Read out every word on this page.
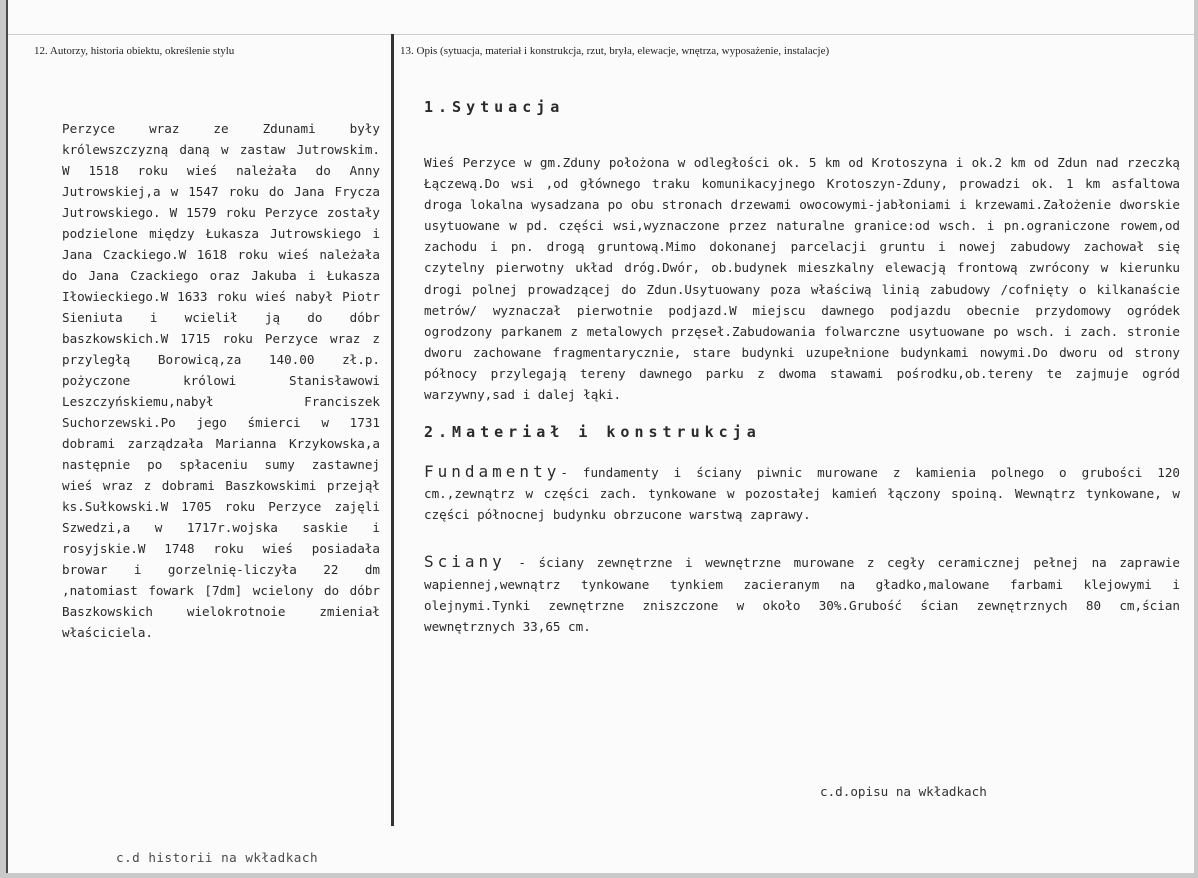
12. Autorzy, historia obiektu, określenie stylu	13. Opis (sytuacja, materiał i konstrukcja, rzut, bryła, elewacje, wnętrza, wyposażenie, instalacje)
Perzyce wraz ze Zdunami były królewszczyzną daną w zastaw Jutrowskim. W 1518 roku wieś należała do Anny Jutrowskiej,a w 1547 roku do Jana Frycza Jutrowskiego. W 1579 roku Perzyce zostały podzielone między Łukasza Jutrowskiego i Jana Czackiego.W 1618 roku wieś należała do Jana Czackiego oraz Jakuba i Łukasza Iłowieckiego.W 1633 roku wieś nabył Piotr Sieniuta i wcielił ją do dóbr baszkowskich.W 1715 roku Perzyce wraz z przyległą Borowicą,za 140.00 zł.p. pożyczone królowi Stanisławowi Leszczyńskiemu,nabył Franciszek Suchorzewski.Po jego śmierci w 1731 dobrami zarządzała Marianna Krzykowska,a następnie po spłaceniu sumy zastawnej wieś wraz z dobrami Baszkowskimi przejął ks.Sułkowski.W 1705 roku Perzyce zajęli Szwedzi,a w 1717r.wojska saskie i rosyjskie.W 1748 roku wieś posiadała browar i gorzelnię-liczyła 22 dm ,natomiast fowark [7dm] wcielony do dóbr Baszkowskich wielokrotnoie zmieniał właściciela.
c.d historii na wkładkach
1.Sytuacja

Wieś Perzyce w gm.Zduny położona w odległości ok. 5 km od Krotoszyna i ok.2 km od Zdun nad rzeczką Łączewą.Do wsi ,od głównego traku komunikacyjnego Krotoszyn-Zduny, prowadzi ok. 1 km asfaltowa droga lokalna wysadzana po obu stronach drzewami owocowymi-jabłoniami i krzewami.Założenie dworskie usytuowane w pd. części wsi,wyznaczone przez naturalne granice:od wsch. i pn.ograniczone rowem,od zachodu i pn. drogą gruntową.Mimo dokonanej parcelacji gruntu i nowej zabudowy zachował się czytelny pierwotny układ dróg.Dwór, ob.budynek mieszkalny elewacją frontową zwrócony w kierunku drogi polnej prowadzącej do Zdun.Usytuowany poza właściwą linią zabudowy /cofnięty o kilkanaście metrów/ wyznaczał pierwotnie podjazd.W miejscu dawnego podjazdu obecnie przydomowy ogródek ogrodzony parkanem z metalowych przęseł.Zabudowania folwarczne usytuowane po wsch. i zach. stronie dworu zachowane fragmentarycznie, stare budynki uzupełnione budynkami nowymi.Do dworu od strony północy przylegają tereny dawnego parku z dwoma stawami pośrodku,ob.tereny te zajmuje ogród warzywny,sad i dalej łąki.

2.Materiał i konstrukcja

Fundamenty- fundamenty i ściany piwnic murowane z kamienia polnego o grubości 120 cm.,zewnątrz w części zach. tynkowane w pozostałej kamień łączony spoiną. Wewnątrz tynkowane, w części północnej budynku obrzucone warstwą zaprawy.

Sciany - ściany zewnętrzne i wewnętrzne murowane z cegły ceramicznej pełnej na zaprawie wapiennej,wewnątrz tynkowane tynkiem zacieranym na gładko,malowane farbami klejowymi i olejnymi.Tynki zewnętrzne zniszczone w około 30%.Grubość ścian zewnętrznych 80 cm,ścian wewnętrznych 33,65 cm.

c.d.opisu na wkładkach
